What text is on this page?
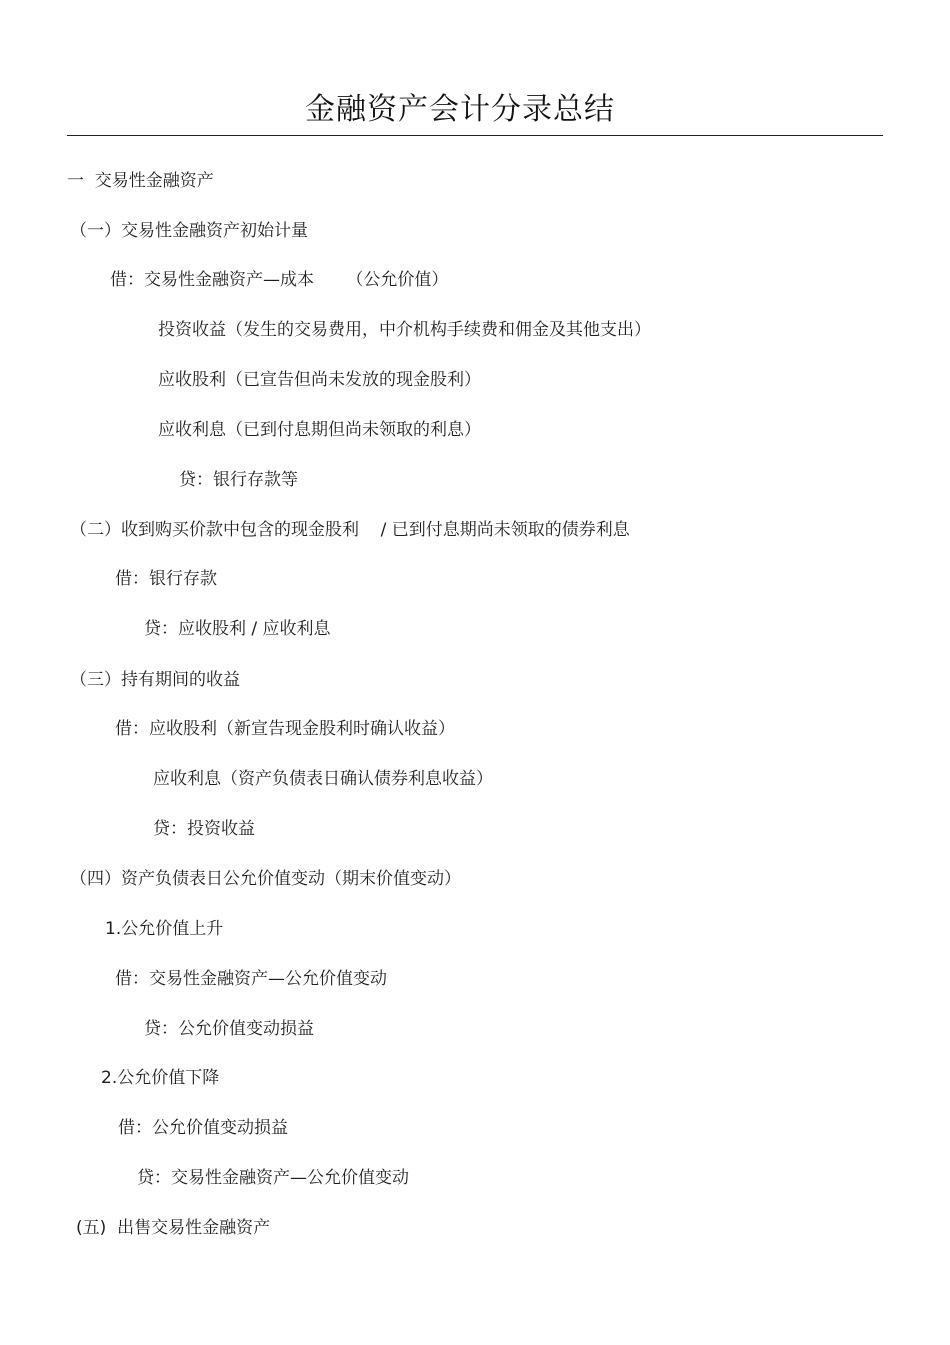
金融资产会计分录总结
一  交易性金融资产
（一）交易性金融资产初始计量
借：交易性金融资产—成本      （公允价值）
投资收益（发生的交易费用，中介机构手续费和佣金及其他支出）
应收股利（已宣告但尚未发放的现金股利）
应收利息（已到付息期但尚未领取的利息）
贷：银行存款等
（二）收到购买价款中包含的现金股利    / 已到付息期尚未领取的债券利息
借：银行存款
贷：应收股利 / 应收利息
（三）持有期间的收益
借：应收股利（新宣告现金股利时确认收益）
应收利息（资产负债表日确认债券利息收益）
贷：投资收益
（四）资产负债表日公允价值变动（期末价值变动）
1.公允价值上升
借：交易性金融资产—公允价值变动
贷：公允价值变动损益
2.公允价值下降
借：公允价值变动损益
贷：交易性金融资产—公允价值变动
(五)  出售交易性金融资产
